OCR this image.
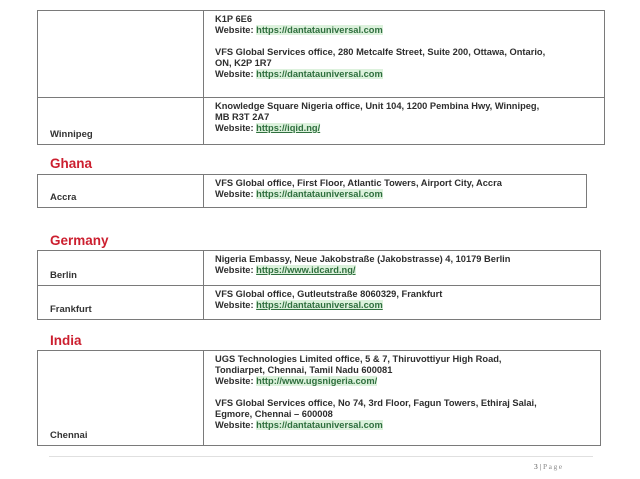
K1P 6E6

Website: https://dantatauniversal.com

VFS Global Services office, 280 Metcalfe Street, Suite 200, Ottawa, Ontario,

ON, K2P 1R7

Website: https://dantatauniversal.com

Winnipeg

Knowledge Square Nigeria office, Unit 104, 1200 Pembina Hwy, Winnipeg,

MB R3T 2A7

Website: https://iqid.ng/

Ghana
Accra

VFS Global office, First Floor, Atlantic Towers, Airport City, Accra

Website: https://dantatauniversal.com

Germany
Berlin

Nigeria Embassy, Neue Jakobstraße (Jakobstrasse) 4, 10179 Berlin

Website: https://www.idcard.ng/

Frankfurt

VFS Global office, Gutleutstraße 8060329, Frankfurt

Website: https://dantatauniversal.com

India
Chennai

UGS Technologies Limited office, 5 & 7, Thiruvottiyur High Road,

Tondiarpet, Chennai, Tamil Nadu 600081

Website: http://www.ugsnigeria.com/

VFS Global Services office, No 74, 3rd Floor, Fagun Towers, Ethiraj Salai,

Egmore, Chennai – 600008

Website: https://dantatauniversal.com

3 | Page
